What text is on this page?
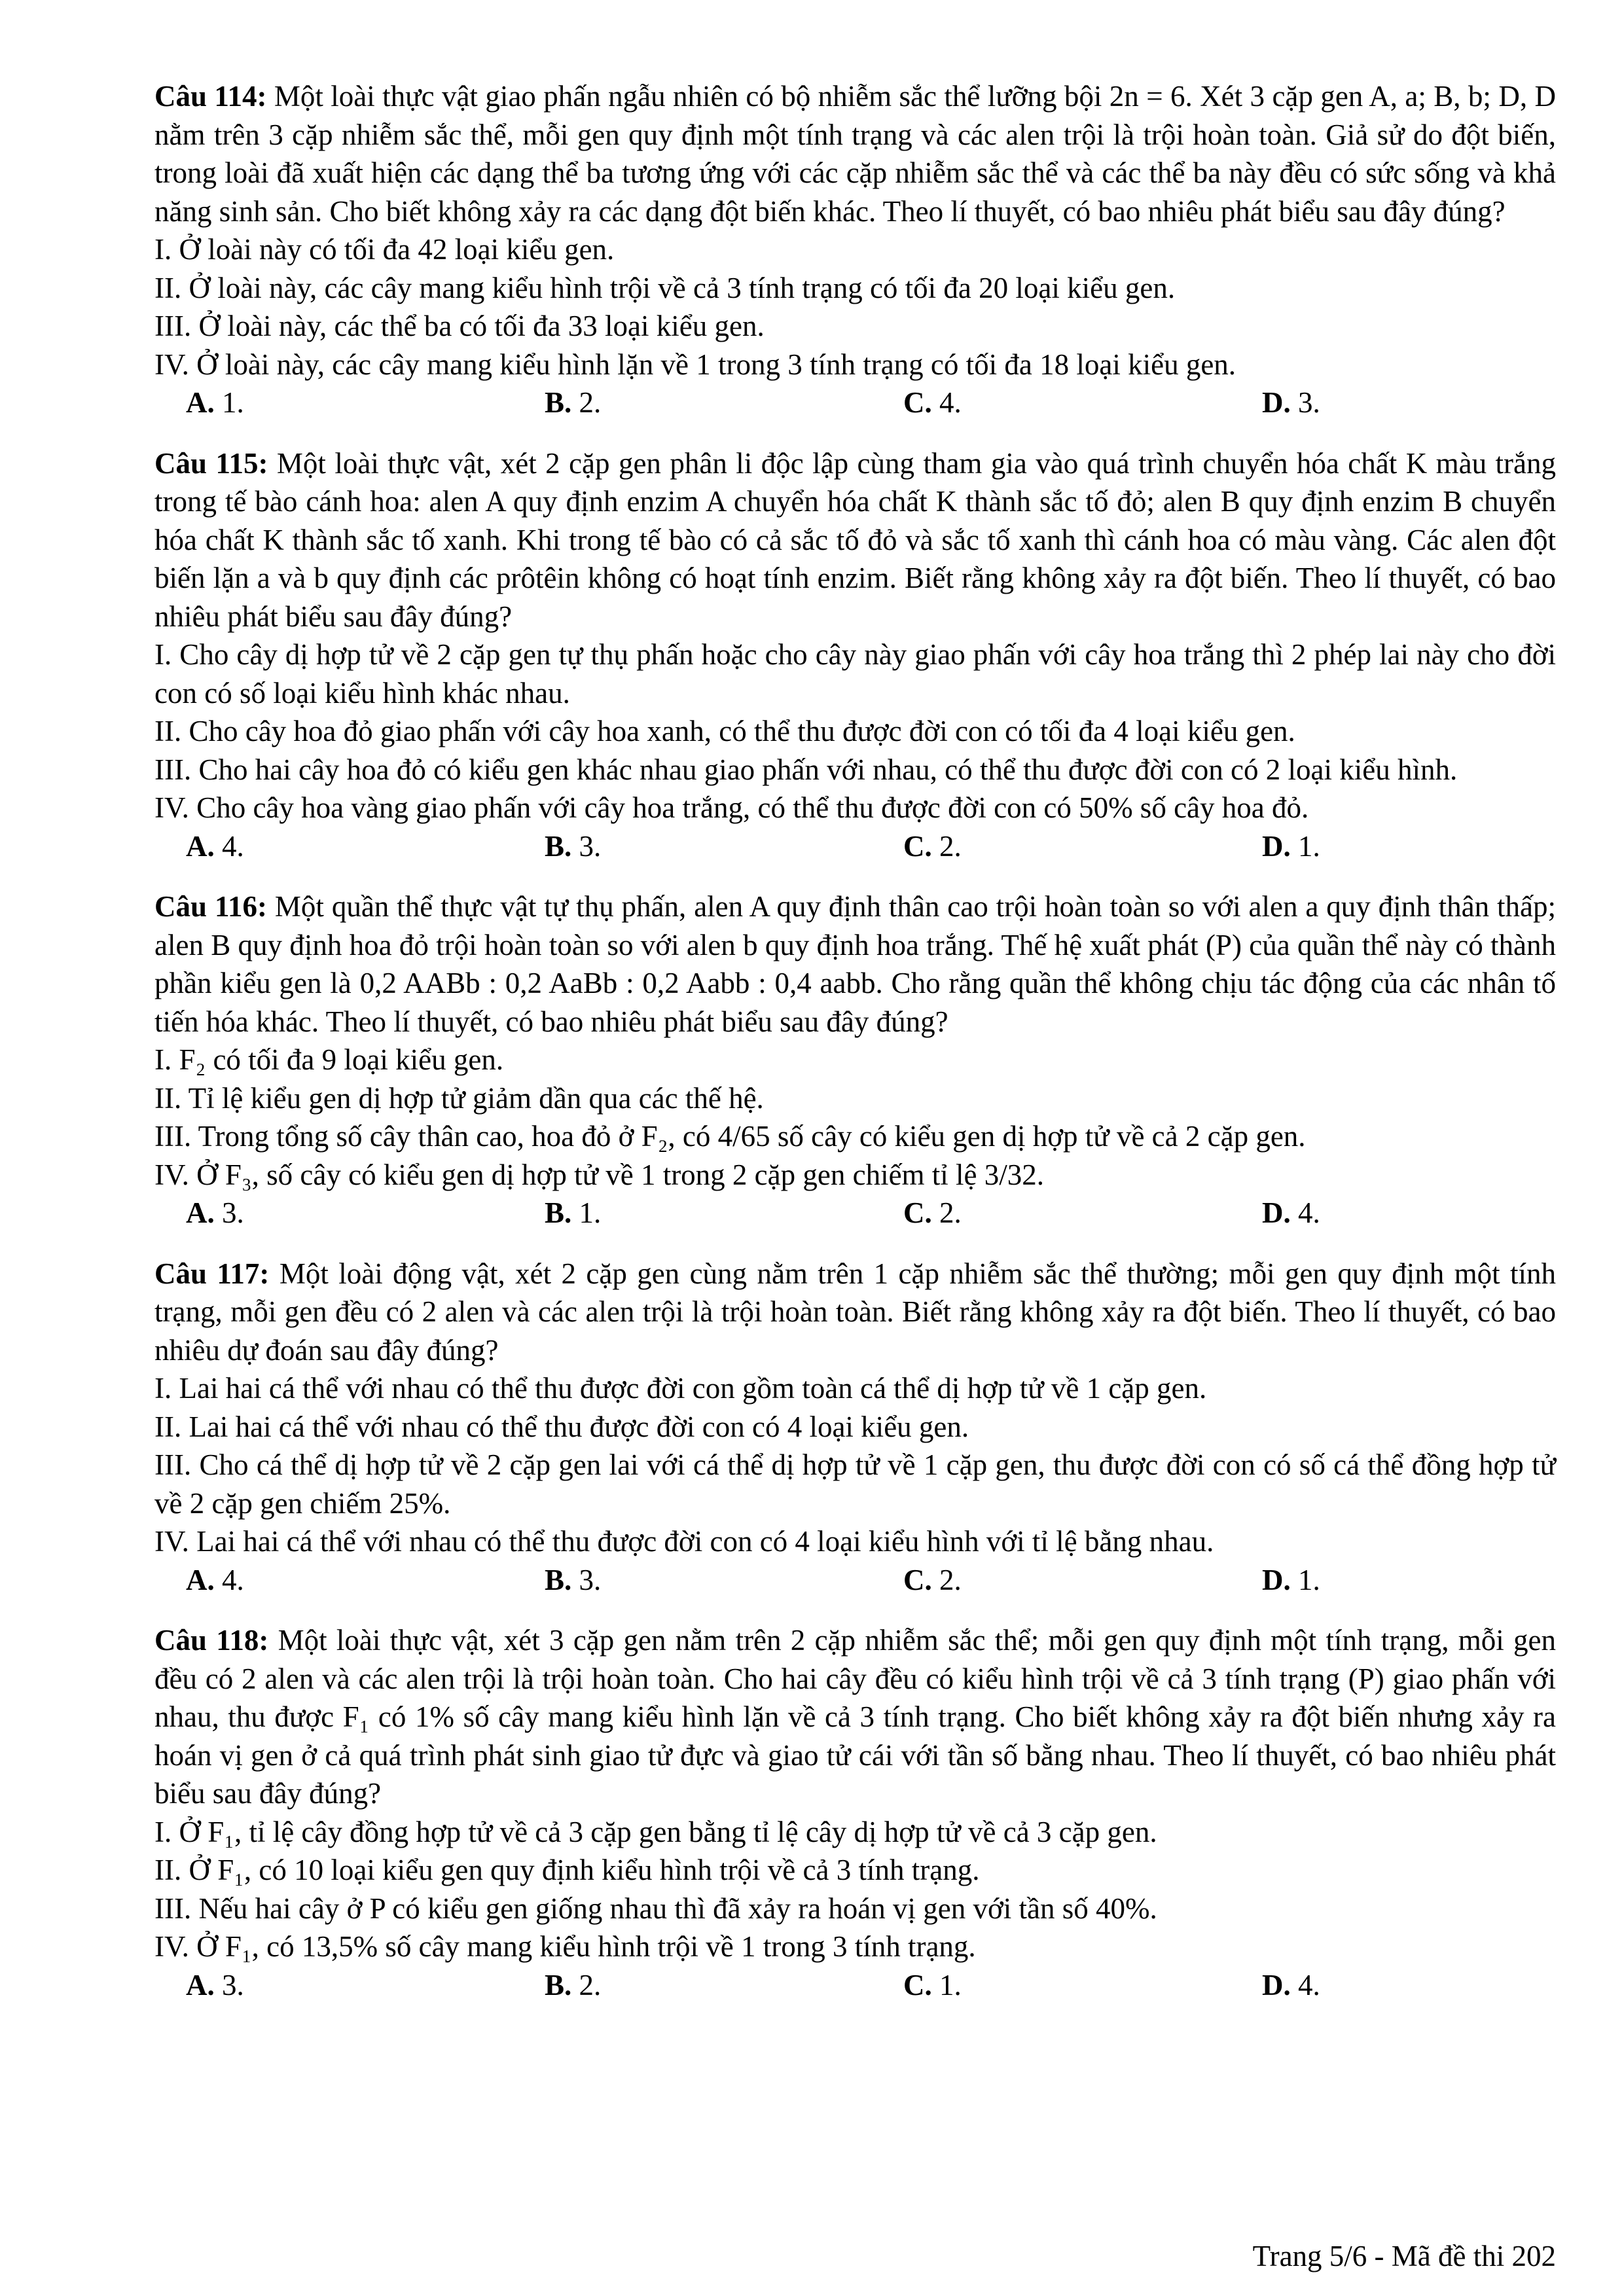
Câu 114: Một loài thực vật giao phấn ngẫu nhiên có bộ nhiễm sắc thể lưỡng bội 2n = 6. Xét 3 cặp gen A, a; B, b; D, D nằm trên 3 cặp nhiễm sắc thể, mỗi gen quy định một tính trạng và các alen trội là trội hoàn toàn. Giả sử do đột biến, trong loài đã xuất hiện các dạng thể ba tương ứng với các cặp nhiễm sắc thể và các thể ba này đều có sức sống và khả năng sinh sản. Cho biết không xảy ra các dạng đột biến khác. Theo lí thuyết, có bao nhiêu phát biểu sau đây đúng?

I. Ở loài này có tối đa 42 loại kiểu gen.

II. Ở loài này, các cây mang kiểu hình trội về cả 3 tính trạng có tối đa 20 loại kiểu gen.

III. Ở loài này, các thể ba có tối đa 33 loại kiểu gen.

IV. Ở loài này, các cây mang kiểu hình lặn về 1 trong 3 tính trạng có tối đa 18 loại kiểu gen.

A. 1.	B. 2.	C. 4.	D. 3.

Câu 115: Một loài thực vật, xét 2 cặp gen phân li độc lập cùng tham gia vào quá trình chuyển hóa chất K màu trắng trong tế bào cánh hoa: alen A quy định enzim A chuyển hóa chất K thành sắc tố đỏ; alen B quy định enzim B chuyển hóa chất K thành sắc tố xanh. Khi trong tế bào có cả sắc tố đỏ và sắc tố xanh thì cánh hoa có màu vàng. Các alen đột biến lặn a và b quy định các prôtêin không có hoạt tính enzim. Biết rằng không xảy ra đột biến. Theo lí thuyết, có bao nhiêu phát biểu sau đây đúng?

I. Cho cây dị hợp tử về 2 cặp gen tự thụ phấn hoặc cho cây này giao phấn với cây hoa trắng thì 2 phép lai này cho đời con có số loại kiểu hình khác nhau.

II. Cho cây hoa đỏ giao phấn với cây hoa xanh, có thể thu được đời con có tối đa 4 loại kiểu gen.

III. Cho hai cây hoa đỏ có kiểu gen khác nhau giao phấn với nhau, có thể thu được đời con có 2 loại kiểu hình.

IV. Cho cây hoa vàng giao phấn với cây hoa trắng, có thể thu được đời con có 50% số cây hoa đỏ.

A. 4.	B. 3.	C. 2.	D. 1.

Câu 116: Một quần thể thực vật tự thụ phấn, alen A quy định thân cao trội hoàn toàn so với alen a quy định thân thấp; alen B quy định hoa đỏ trội hoàn toàn so với alen b quy định hoa trắng. Thế hệ xuất phát (P) của quần thể này có thành phần kiểu gen là 0,2 AABb : 0,2 AaBb : 0,2 Aabb : 0,4 aabb. Cho rằng quần thể không chịu tác động của các nhân tố tiến hóa khác. Theo lí thuyết, có bao nhiêu phát biểu sau đây đúng?

I. F₂ có tối đa 9 loại kiểu gen.

II. Tỉ lệ kiểu gen dị hợp tử giảm dần qua các thế hệ.

III. Trong tổng số cây thân cao, hoa đỏ ở F₂, có 4/65 số cây có kiểu gen dị hợp tử về cả 2 cặp gen.

IV. Ở F₃, số cây có kiểu gen dị hợp tử về 1 trong 2 cặp gen chiếm tỉ lệ 3/32.

A. 3.	B. 1.	C. 2.	D. 4.

Câu 117: Một loài động vật, xét 2 cặp gen cùng nằm trên 1 cặp nhiễm sắc thể thường; mỗi gen quy định một tính trạng, mỗi gen đều có 2 alen và các alen trội là trội hoàn toàn. Biết rằng không xảy ra đột biến. Theo lí thuyết, có bao nhiêu dự đoán sau đây đúng?

I. Lai hai cá thể với nhau có thể thu được đời con gồm toàn cá thể dị hợp tử về 1 cặp gen.

II. Lai hai cá thể với nhau có thể thu được đời con có 4 loại kiểu gen.

III. Cho cá thể dị hợp tử về 2 cặp gen lai với cá thể dị hợp tử về 1 cặp gen, thu được đời con có số cá thể đồng hợp tử về 2 cặp gen chiếm 25%.

IV. Lai hai cá thể với nhau có thể thu được đời con có 4 loại kiểu hình với tỉ lệ bằng nhau.

A. 4.	B. 3.	C. 2.	D. 1.

Câu 118: Một loài thực vật, xét 3 cặp gen nằm trên 2 cặp nhiễm sắc thể; mỗi gen quy định một tính trạng, mỗi gen đều có 2 alen và các alen trội là trội hoàn toàn. Cho hai cây đều có kiểu hình trội về cả 3 tính trạng (P) giao phấn với nhau, thu được F₁ có 1% số cây mang kiểu hình lặn về cả 3 tính trạng. Cho biết không xảy ra đột biến nhưng xảy ra hoán vị gen ở cả quá trình phát sinh giao tử đực và giao tử cái với tần số bằng nhau. Theo lí thuyết, có bao nhiêu phát biểu sau đây đúng?

I. Ở F₁, tỉ lệ cây đồng hợp tử về cả 3 cặp gen bằng tỉ lệ cây dị hợp tử về cả 3 cặp gen.

II. Ở F₁, có 10 loại kiểu gen quy định kiểu hình trội về cả 3 tính trạng.

III. Nếu hai cây ở P có kiểu gen giống nhau thì đã xảy ra hoán vị gen với tần số 40%.

IV. Ở F₁, có 13,5% số cây mang kiểu hình trội về 1 trong 3 tính trạng.

A. 3.	B. 2.	C. 1.	D. 4.
Trang 5/6 - Mã đề thi 202
